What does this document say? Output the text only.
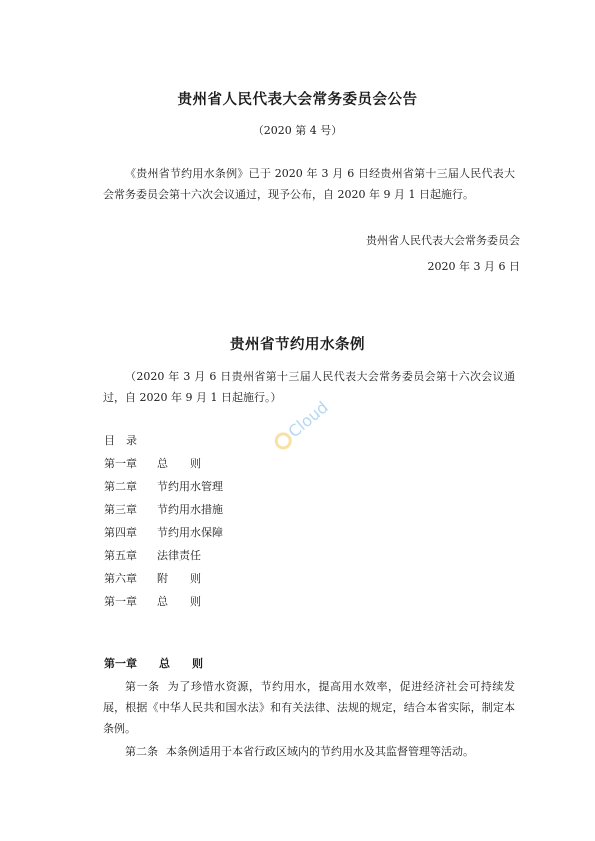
贵州省人民代表大会常务委员会公告
（2020 第 4 号）
《贵州省节约用水条例》已于 2020 年 3 月 6 日经贵州省第十三届人民代表大会常务委员会第十六次会议通过，现予公布，自 2020 年 9 月 1 日起施行。
贵州省人民代表大会常务委员会
2020 年 3 月 6 日
贵州省节约用水条例
（2020 年 3 月 6 日贵州省第十三届人民代表大会常务委员会第十六次会议通过，自 2020 年 9 月 1 日起施行。） Cloud
目　录
第一章 总　　则
第二章 节约用水管理
第三章 节约用水措施
第四章 节约用水保障
第五章 法律责任
第六章 附　　则
第一章 总　　则
第一章　　总　　则
第一条 为了珍惜水资源，节约用水，提高用水效率，促进经济社会可持续发展，根据《中华人民共和国水法》和有关法律、法规的规定，结合本省实际，制定本条例。
第二条 本条例适用于本省行政区域内的节约用水及其监督管理等活动。
